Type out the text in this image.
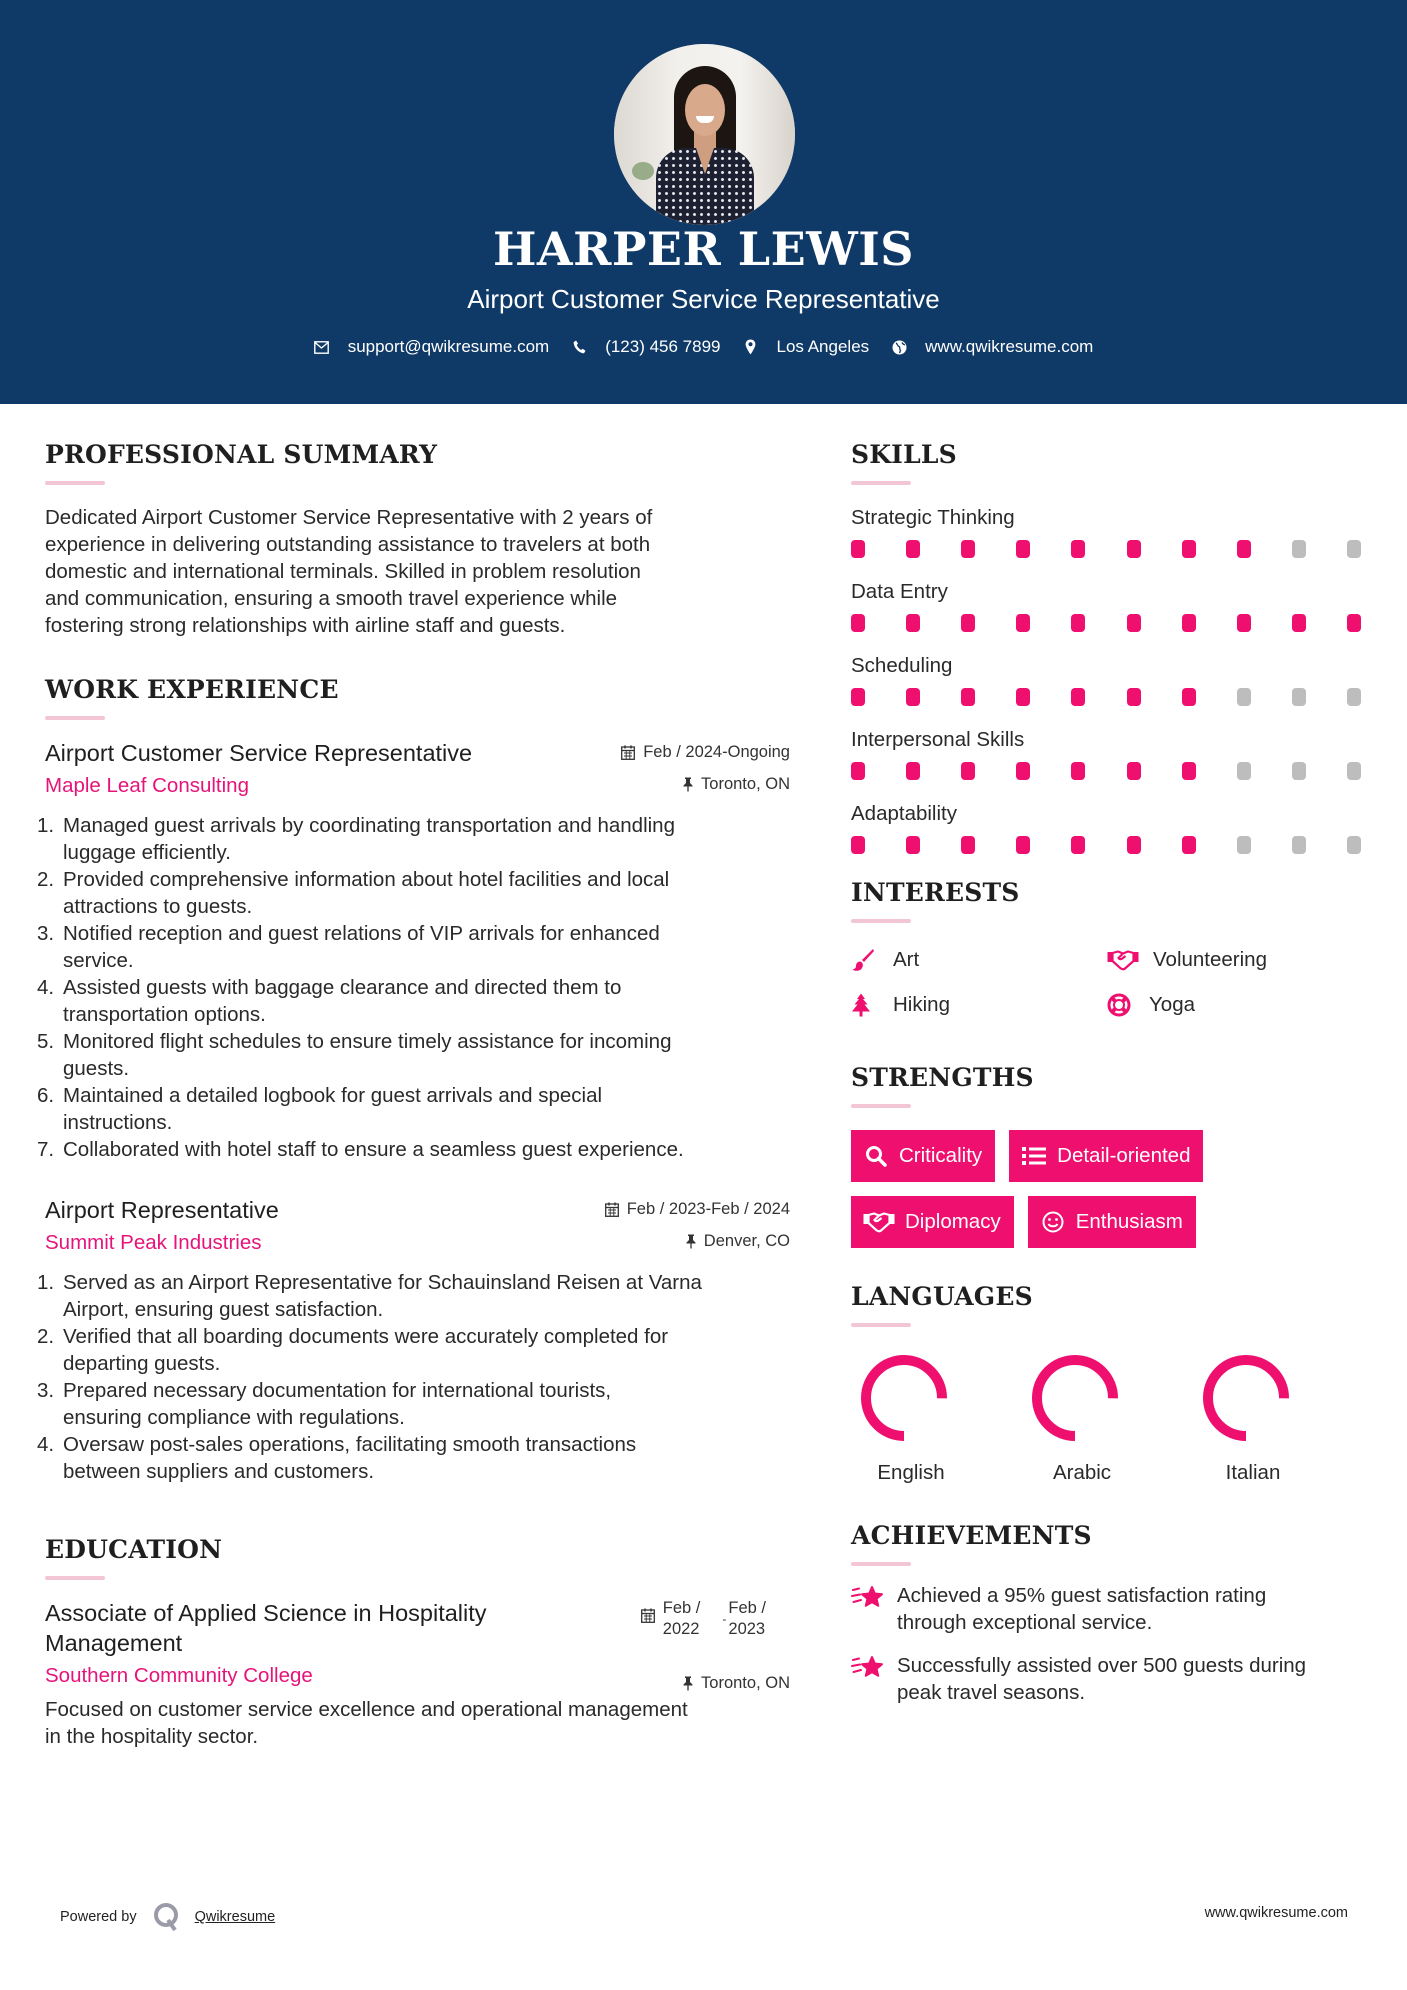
HARPER LEWIS
Airport Customer Service Representative
support@qwikresume.com	(123) 456 7899	Los Angeles	www.qwikresume.com
PROFESSIONAL SUMMARY
Dedicated Airport Customer Service Representative with 2 years of
experience in delivering outstanding assistance to travelers at both
domestic and international terminals. Skilled in problem resolution
and communication, ensuring a smooth travel experience while
fostering strong relationships with airline staff and guests.
WORK EXPERIENCE
Airport Customer Service Representative
Maple Leaf Consulting
Feb / 2024-Ongoing
Toronto, ON
1. Managed guest arrivals by coordinating transportation and handling
luggage efficiently.
2. Provided comprehensive information about hotel facilities and local
attractions to guests.
3. Notified reception and guest relations of VIP arrivals for enhanced
service.
4. Assisted guests with baggage clearance and directed them to
transportation options.
5. Monitored flight schedules to ensure timely assistance for incoming
guests.
6. Maintained a detailed logbook for guest arrivals and special
instructions.
7. Collaborated with hotel staff to ensure a seamless guest experience.
Airport Representative
Summit Peak Industries
Feb / 2023-Feb / 2024
Denver, CO
1. Served as an Airport Representative for Schauinsland Reisen at Varna
Airport, ensuring guest satisfaction.
2. Verified that all boarding documents were accurately completed for
departing guests.
3. Prepared necessary documentation for international tourists,
ensuring compliance with regulations.
4. Oversaw post-sales operations, facilitating smooth transactions
between suppliers and customers.
EDUCATION
Associate of Applied Science in Hospitality
Management
Southern Community College
Feb /
2022
-
Feb /
2023
Toronto, ON
Focused on customer service excellence and operational management
in the hospitality sector.
SKILLS
Strategic Thinking
Data Entry
Scheduling
Interpersonal Skills
Adaptability
INTERESTS
Art	Volunteering
Hiking	Yoga
STRENGTHS
Criticality	Detail-oriented
Diplomacy	Enthusiasm
LANGUAGES
English	Arabic	Italian
ACHIEVEMENTS
Achieved a 95% guest satisfaction rating
through exceptional service.
Successfully assisted over 500 guests during
peak travel seasons.
Powered by	Qwikresume	www.qwikresume.com
